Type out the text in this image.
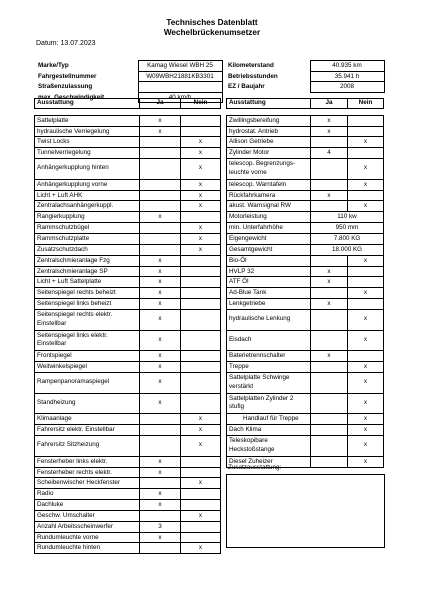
Technisches Datenblatt
Wechelbrückenumsetzer
Datum: 13.07.2023
Marke/Typ	Kamag Wiesel WBH 25
Fahrgestellnummer	W09WBH21881KB3301
Straßenzulassung	
max. Geschwindigkeit	40 km/h
Kilometerstand	40.935 km
Betriebsstunden	35.941 h
EZ / Baujahr	2008
Ausstattung	Ja	Nein

Sattelplatte	x	
hydraulische Verriegelung	x	
Twist Locks		x
Tunnelverriegelung		x
Anhängerkupplung hinten		x
Anhängerkupplung vorne		x
Licht + Luft AHK		x
Zentralachsanhängerkuppl.		x
Rangierkupplung	x	
Rammschutzbügel		x
Rammschutzplatte		x
Zusatzschutzdach		x
Zentralschmieranlage Fzg	x	
Zentralschmieranlage SP	x	
Licht + Luft Sattelplatte	x	
Seitenspiegel rechts beheizt	x	
Seitenspiegel links beheizt	x	
Seitenspiegel rechts elektr. Einstellbar	x	
Seitenspiegel links elektr. Einstellbar	x	
Frontspiegel	x	
Weitwinkelspiegel	x	
Rampenpanoramaspiegel	x	
Standheizung	x	
Klimaanlage		x
Fahrersitz elektr. Einstellbar		x
Fahrersitz Sitzheizung		x
Fensterheber links elektr.	x	
Fensterheber rechts elektr.	x	
Scheibenwischer Heckfenster		x
Radio	x	
Dachluke	x	
Geschw. Umschalter		x
Anzahl Arbeitsscheinwerfer	3	
Rundumleuchte vorne	x	
Rundumleuchte hinten		x
Ausstattung	Ja	Nein

Zwillingsbereifung	x	
hydrostat. Antrieb	x	
Allison Getriebe		x
Zylinder Motor	4	
telescop. Begrenzungs-leuchte vorne		x
telescop. Warntafeln		x
Rückfahrkamera	x	
akust. Warnsignal RW		x
Motorleistung	110 kw	
min. Unterfahrhöhe	950 mm	
Eigengewicht	7.800 KG	
Gesamtgewicht	18.000 KG	
Bio-Öl		x
HVLP 32	x	
ATF Öl	x	
Ad-Blue Tank		x
Lenkgetriebe	x	
hydraulische Lenkung		x
Eisdach		x
Baterietrennschalter	x	
Treppe		x
Sattelplatte Schwinge verstärkt		x
Sattelplatten Zylinder 2 stufig		x
Handlauf für Treppe		x
Dach Klima		x
Teleskopibare Heckstoßstange		x
Diesel Zuheizer		x
Zusatzausstattung:
